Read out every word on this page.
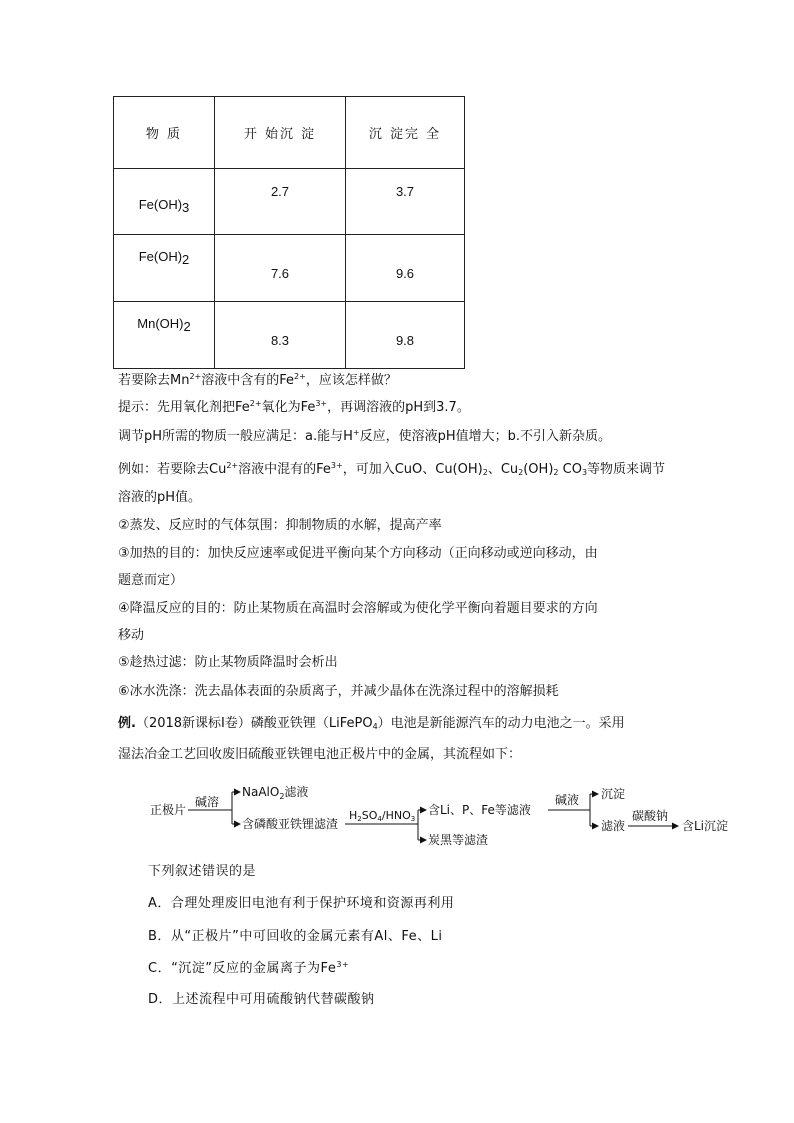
物 质	开 始沉 淀	沉 淀完 全

Fe(OH)3	2.7	3.7

Fe(OH)2	7.6	9.6

Mn(OH)2	8.3	9.8
若要除去$Mn^{2+}$溶液中含有的$Fe^{2+}$，应该怎样做？
提示：先用氧化剂把$Fe^{2+}$氧化为$Fe^{3+}$，再调溶液的pH到3.7。
调节pH所需的物质一般应满足：a.能与H+反应，使溶液pH值增大；b.不引入新杂质。
例如：若要除去$Cu^{2+}$溶液中混有的$Fe^{3+}$，可加入CuO、$Cu(OH)_2$、$Cu_2(OH)_2$ $CO_3$等物质来调节
溶液的pH值。
②蒸发、反应时的气体氛围：抑制物质的水解，提高产率
③加热的目的：加快反应速率或促进平衡向某个方向移动（正向移动或逆向移动，由
题意而定）
④降温反应的目的：防止某物质在高温时会溶解或为使化学平衡向着题目要求的方向
移动
⑤趁热过滤：防止某物质降温时会析出
⑥冰水洗涤：洗去晶体表面的杂质离子，并减少晶体在洗涤过程中的溶解损耗
例.（2018新课标Ⅰ卷）磷酸亚铁锂（LiFePO$_4$）电池是新能源汽车的动力电池之一。采用
湿法冶金工艺回收废旧硫酸亚铁锂电池正极片中的金属，其流程如下：
正极片
碱溶
NaAlO$_2$滤液
含磷酸亚铁锂滤渣
H2SO4/HNO3
含Li、P、Fe等滤液
炭黑等滤渣
碱液 沉淀
滤液
碳酸钠
含Li沉淀
下列叙述错误的是
A．合理处理废旧电池有利于保护环境和资源再利用
B．从“正极片”中可回收的金属元素有Al、Fe、Li
C．“沉淀”反应的金属离子为$Fe^{3+}$
D．上述流程中可用硫酸钠代替碳酸钠
